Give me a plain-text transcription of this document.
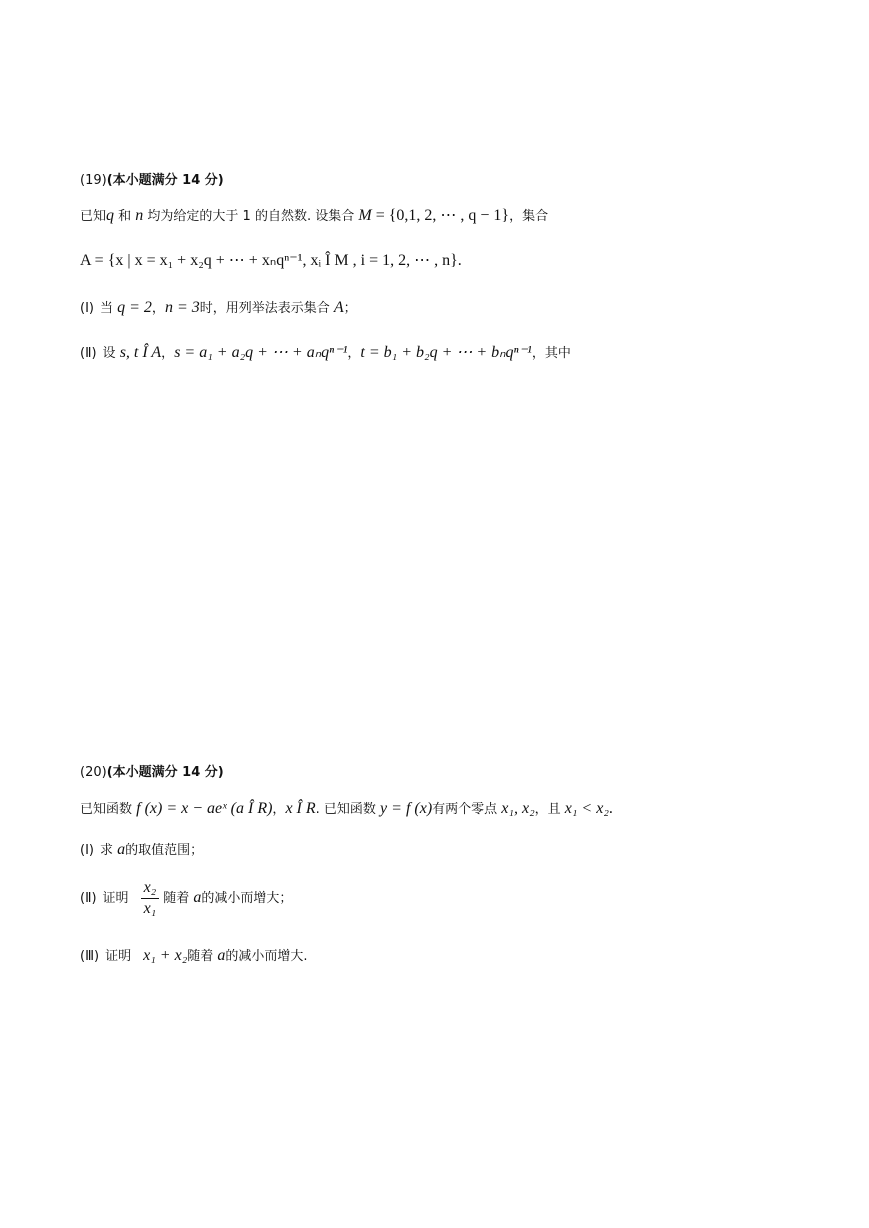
(19)(本小题满分 14 分)
已知q 和 n 均为给定的大于 1 的自然数. 设集合 M = {0,1, 2, ⋯ , q − 1}，集合
A = {x | x = x₁ + x₂q + ⋯ + xₙqⁿ⁻¹, xᵢ Î M , i = 1, 2, ⋯ , n}.
(Ⅰ) 当 q = 2，n = 3时，用列举法表示集合 A；
(Ⅱ) 设 s, t Î A，s = a₁ + a₂q + ⋯ + aₙqⁿ⁻¹，t = b₁ + b₂q + ⋯ + bₙqⁿ⁻¹，其中
(20)(本小题满分 14 分)
已知函数 f (x) = x − aeˣ (a Î R)，x Î R. 已知函数 y = f (x)有两个零点 x₁, x₂，且 x₁ < x₂.
(Ⅰ) 求 a的取值范围；
(Ⅱ) 证明 $\frac{\text{x₂}}{\text{x₁}}$ 随着 a的减小而增大；
(Ⅲ) 证明 x₁ + x₂随着 a的减小而增大.
